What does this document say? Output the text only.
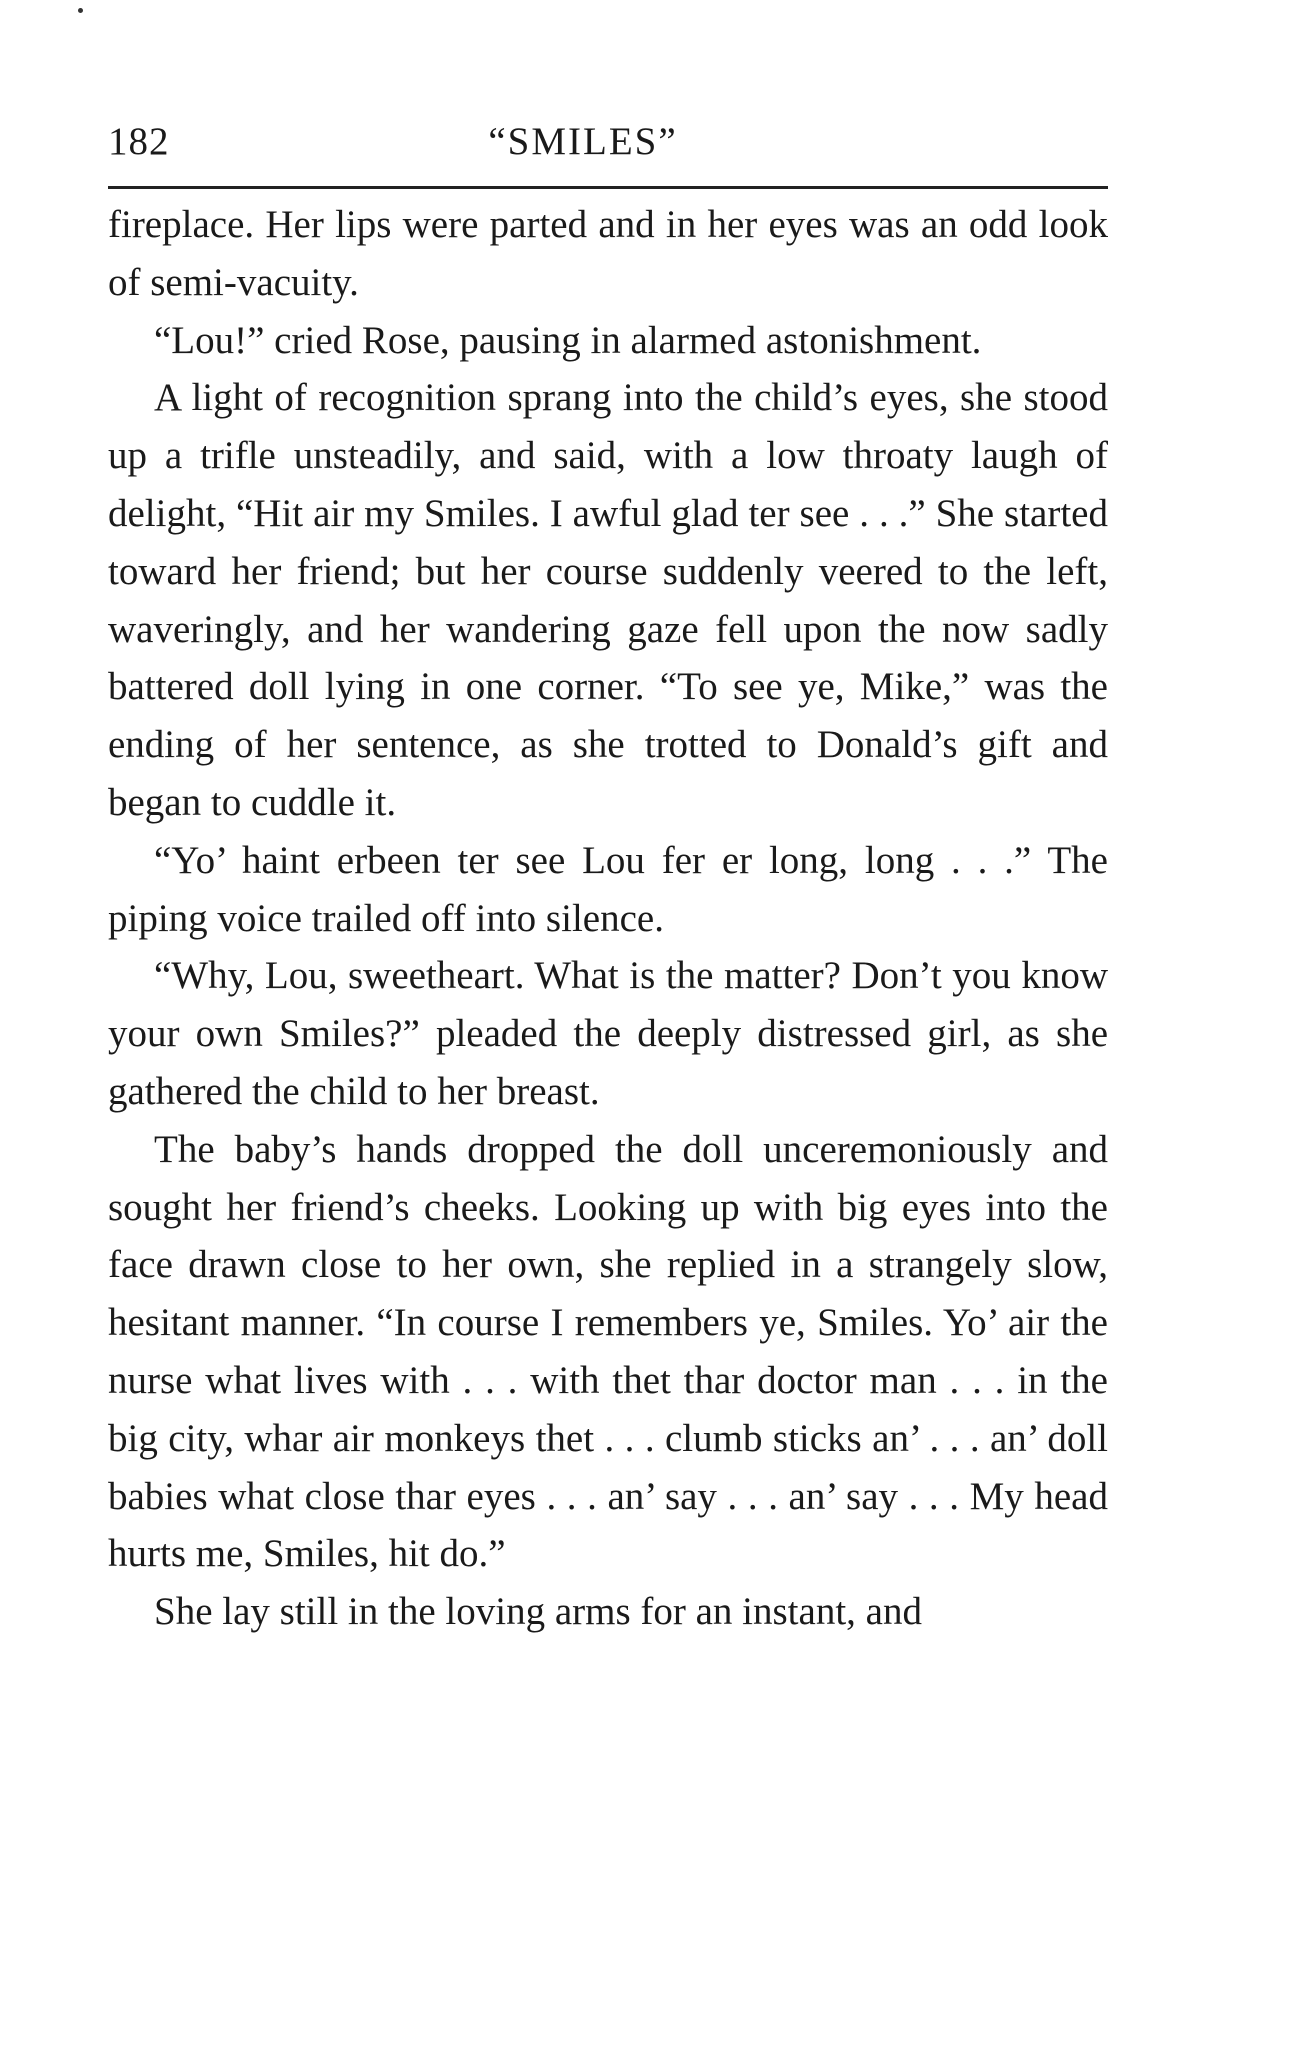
182	“SMILES”

fireplace. Her lips were parted and in her eyes was an odd look of semi-vacuity.

“Lou!” cried Rose, pausing in alarmed astonishment.

A light of recognition sprang into the child’s eyes, she stood up a trifle unsteadily, and said, with a low throaty laugh of delight, “Hit air my Smiles. I awful glad ter see . . .” She started toward her friend; but her course suddenly veered to the left, waveringly, and her wandering gaze fell upon the now sadly battered doll lying in one corner. “To see ye, Mike,” was the ending of her sentence, as she trotted to Donald’s gift and began to cuddle it.

“Yo’ haint erbeen ter see Lou fer er long, long . . .” The piping voice trailed off into silence.

“Why, Lou, sweetheart. What is the matter? Don’t you know your own Smiles?” pleaded the deeply distressed girl, as she gathered the child to her breast.

The baby’s hands dropped the doll unceremoniously and sought her friend’s cheeks. Looking up with big eyes into the face drawn close to her own, she replied in a strangely slow, hesitant manner. “In course I remembers ye, Smiles. Yo’ air the nurse what lives with . . . with thet thar doctor man . . . in the big city, whar air monkeys thet . . . clumb sticks an’ . . . an’ doll babies what close thar eyes . . . an’ say . . . an’ say . . . My head hurts me, Smiles, hit do.”

She lay still in the loving arms for an instant, and
